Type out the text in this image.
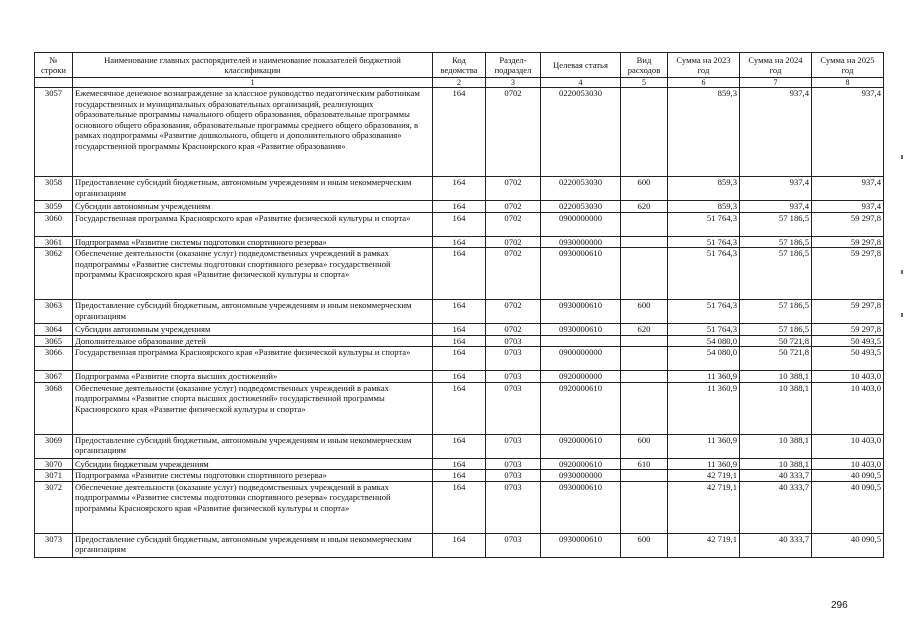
№ строки	Наименование главных распорядителей и наименование показателей бюджетной классификации	Код ведомства	Раздел-подраздел	Целевая статья	Вид расходов	Сумма на 2023 год	Сумма на 2024 год	Сумма на 2025 год
	1	2	3	4	5	6	7	8
3057	Ежемесячное денежное вознаграждение за классное руководство педагогическим работникам государственных и муниципальных образовательных организаций, реализующих образовательные программы начального общего образования, образовательные программы основного общего образования, образовательные программы среднего общего образования, в рамках подпрограммы «Развитие дошкольного, общего и дополнительного образования» государственной программы Красноярского края «Развитие образования»	164	0702	0220053030		859,3	937,4	937,4
3058	Предоставление субсидий бюджетным, автономным учреждениям и иным некоммерческим организациям	164	0702	0220053030	600	859,3	937,4	937,4
3059	Субсидии автономным учреждениям	164	0702	0220053030	620	859,3	937,4	937,4
3060	Государственная программа Красноярского края «Развитие физической культуры и спорта»	164	0702	0900000000		51 764,3	57 186,5	59 297,8
3061	Подпрограмма «Развитие системы подготовки спортивного резерва»	164	0702	0930000000		51 764,3	57 186,5	59 297,8
3062	Обеспечение деятельности (оказание услуг) подведомственных учреждений в рамках подпрограммы «Развитие системы подготовки спортивного резерва» государственной программы Красноярского края «Развитие физической культуры и спорта»	164	0702	0930000610		51 764,3	57 186,5	59 297,8
3063	Предоставление субсидий бюджетным, автономным учреждениям и иным некоммерческим организациям	164	0702	0930000610	600	51 764,3	57 186,5	59 297,8
3064	Субсидии автономным учреждениям	164	0702	0930000610	620	51 764,3	57 186,5	59 297,8
3065	Дополнительное образование детей	164	0703			54 080,0	50 721,8	50 493,5
3066	Государственная программа Красноярского края «Развитие физической культуры и спорта»	164	0703	0900000000		54 080,0	50 721,8	50 493,5
3067	Подпрограмма «Развитие спорта высших достижений»	164	0703	0920000000		11 360,9	10 388,1	10 403,0
3068	Обеспечение деятельности (оказание услуг) подведомственных учреждений в рамках подпрограммы «Развитие спорта высших достижений» государственной программы Красноярского края «Развитие физической культуры и спорта»	164	0703	0920000610		11 360,9	10 388,1	10 403,0
3069	Предоставление субсидий бюджетным, автономным учреждениям и иным некоммерческим организациям	164	0703	0920000610	600	11 360,9	10 388,1	10 403,0
3070	Субсидии бюджетным учреждениям	164	0703	0920000610	610	11 360,9	10 388,1	10 403,0
3071	Подпрограмма «Развитие системы подготовки спортивного резерва»	164	0703	0930000000		42 719,1	40 333,7	40 090,5
3072	Обеспечение деятельности (оказание услуг) подведомственных учреждений в рамках подпрограммы «Развитие системы подготовки спортивного резерва» государственной программы Красноярского края «Развитие физической культуры и спорта»	164	0703	0930000610		42 719,1	40 333,7	40 090,5
3073	Предоставление субсидий бюджетным, автономным учреждениям и иным некоммерческим организациям	164	0703	0930000610	600	42 719,1	40 333,7	40 090,5
296
